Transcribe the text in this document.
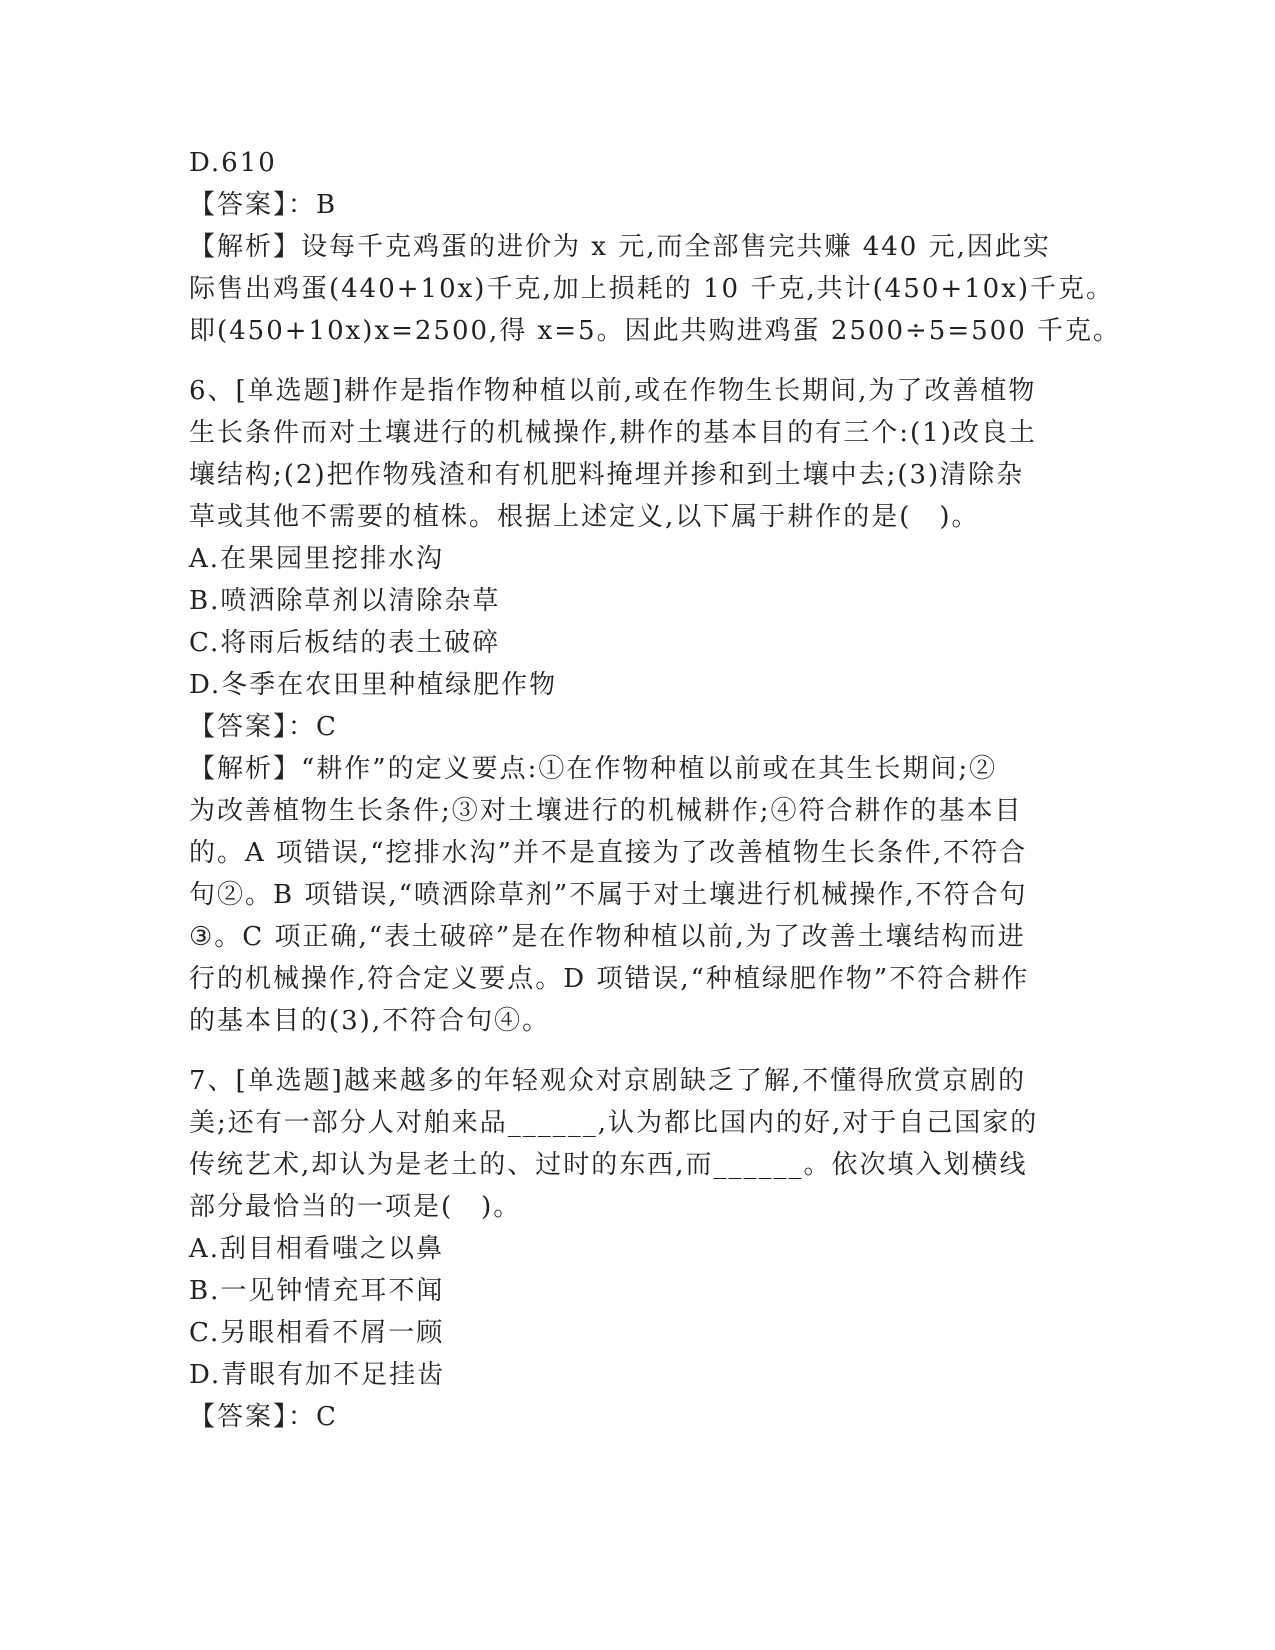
D.610
【答案】：B
【解析】设每千克鸡蛋的进价为 x 元,而全部售完共赚 440 元,因此实
际售出鸡蛋(440+10x)千克,加上损耗的 10 千克,共计(450+10x)千克。
即(450+10x)x=2500,得 x=5。因此共购进鸡蛋 2500÷5=500 千克。
6、[单选题]耕作是指作物种植以前,或在作物生长期间,为了改善植物
生长条件而对土壤进行的机械操作,耕作的基本目的有三个:(1)改良土
壤结构;(2)把作物残渣和有机肥料掩埋并掺和到土壤中去;(3)清除杂
草或其他不需要的植株。根据上述定义,以下属于耕作的是(　)。
A.在果园里挖排水沟
B.喷洒除草剂以清除杂草
C.将雨后板结的表土破碎
D.冬季在农田里种植绿肥作物
【答案】：C
【解析】“耕作”的定义要点:①在作物种植以前或在其生长期间;②
为改善植物生长条件;③对土壤进行的机械耕作;④符合耕作的基本目
的。A 项错误,“挖排水沟”并不是直接为了改善植物生长条件,不符合
句②。B 项错误,“喷洒除草剂”不属于对土壤进行机械操作,不符合句
③。C 项正确,“表土破碎”是在作物种植以前,为了改善土壤结构而进
行的机械操作,符合定义要点。D 项错误,“种植绿肥作物”不符合耕作
的基本目的(3),不符合句④。
7、[单选题]越来越多的年轻观众对京剧缺乏了解,不懂得欣赏京剧的
美;还有一部分人对舶来品______,认为都比国内的好,对于自己国家的
传统艺术,却认为是老土的、过时的东西,而______。依次填入划横线
部分最恰当的一项是(　)。
A.刮目相看嗤之以鼻
B.一见钟情充耳不闻
C.另眼相看不屑一顾
D.青眼有加不足挂齿
【答案】：C
